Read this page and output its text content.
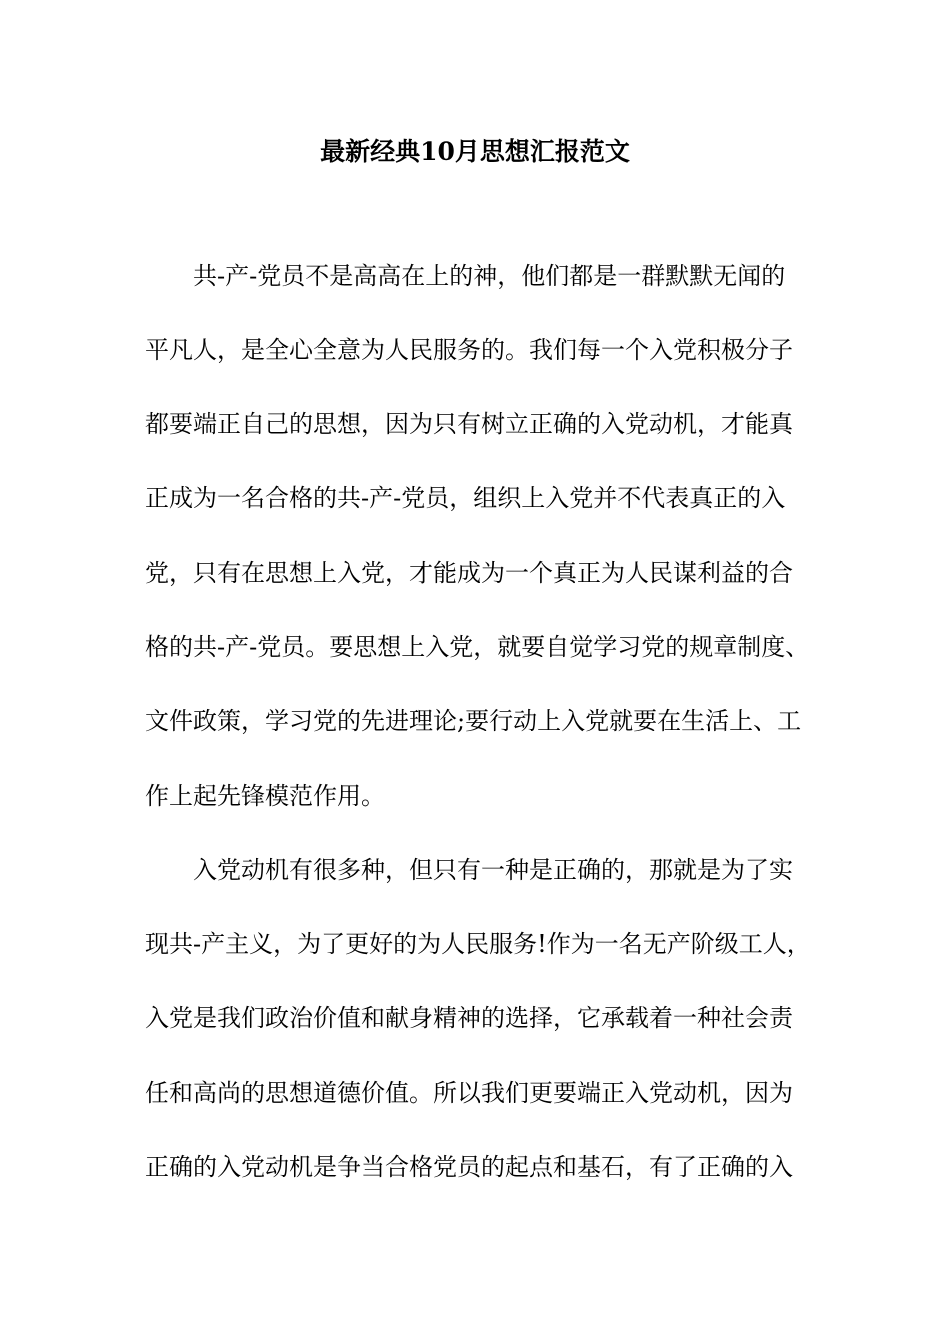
最新经典10月思想汇报范文

共-产-党员不是高高在上的神，他们都是一群默默无闻的

平凡人，是全心全意为人民服务的。我们每一个入党积极分子

都要端正自己的思想，因为只有树立正确的入党动机，才能真

正成为一名合格的共-产-党员，组织上入党并不代表真正的入

党，只有在思想上入党，才能成为一个真正为人民谋利益的合

格的共-产-党员。要思想上入党，就要自觉学习党的规章制度、

文件政策，学习党的先进理论;要行动上入党就要在生活上、工

作上起先锋模范作用。

入党动机有很多种，但只有一种是正确的，那就是为了实

现共-产主义，为了更好的为人民服务!作为一名无产阶级工人，

入党是我们政治价值和献身精神的选择，它承载着一种社会责

任和高尚的思想道德价值。所以我们更要端正入党动机，因为

正确的入党动机是争当合格党员的起点和基石，有了正确的入
